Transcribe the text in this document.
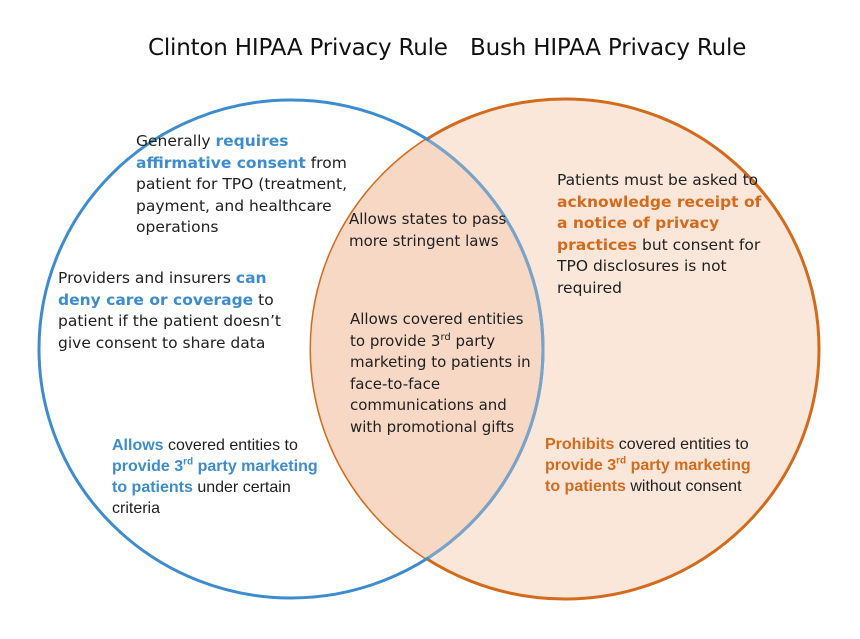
Clinton HIPAA Privacy Rule Bush HIPAA Privacy Rule
Generally requires affirmative consent from patient for TPO (treatment, payment, and healthcare operations
Providers and insurers can deny care or coverage to patient if the patient doesn’t give consent to share data
Allows covered entities to provide 3rd party marketing to patients under certain criteria
Allows states to pass more stringent laws
Allows covered entities to provide 3rd party marketing to patients in face-to-face communications and with promotional gifts
Patients must be asked to acknowledge receipt of a notice of privacy practices but consent for TPO disclosures is not required
Prohibits covered entities to provide 3rd party marketing to patients without consent
